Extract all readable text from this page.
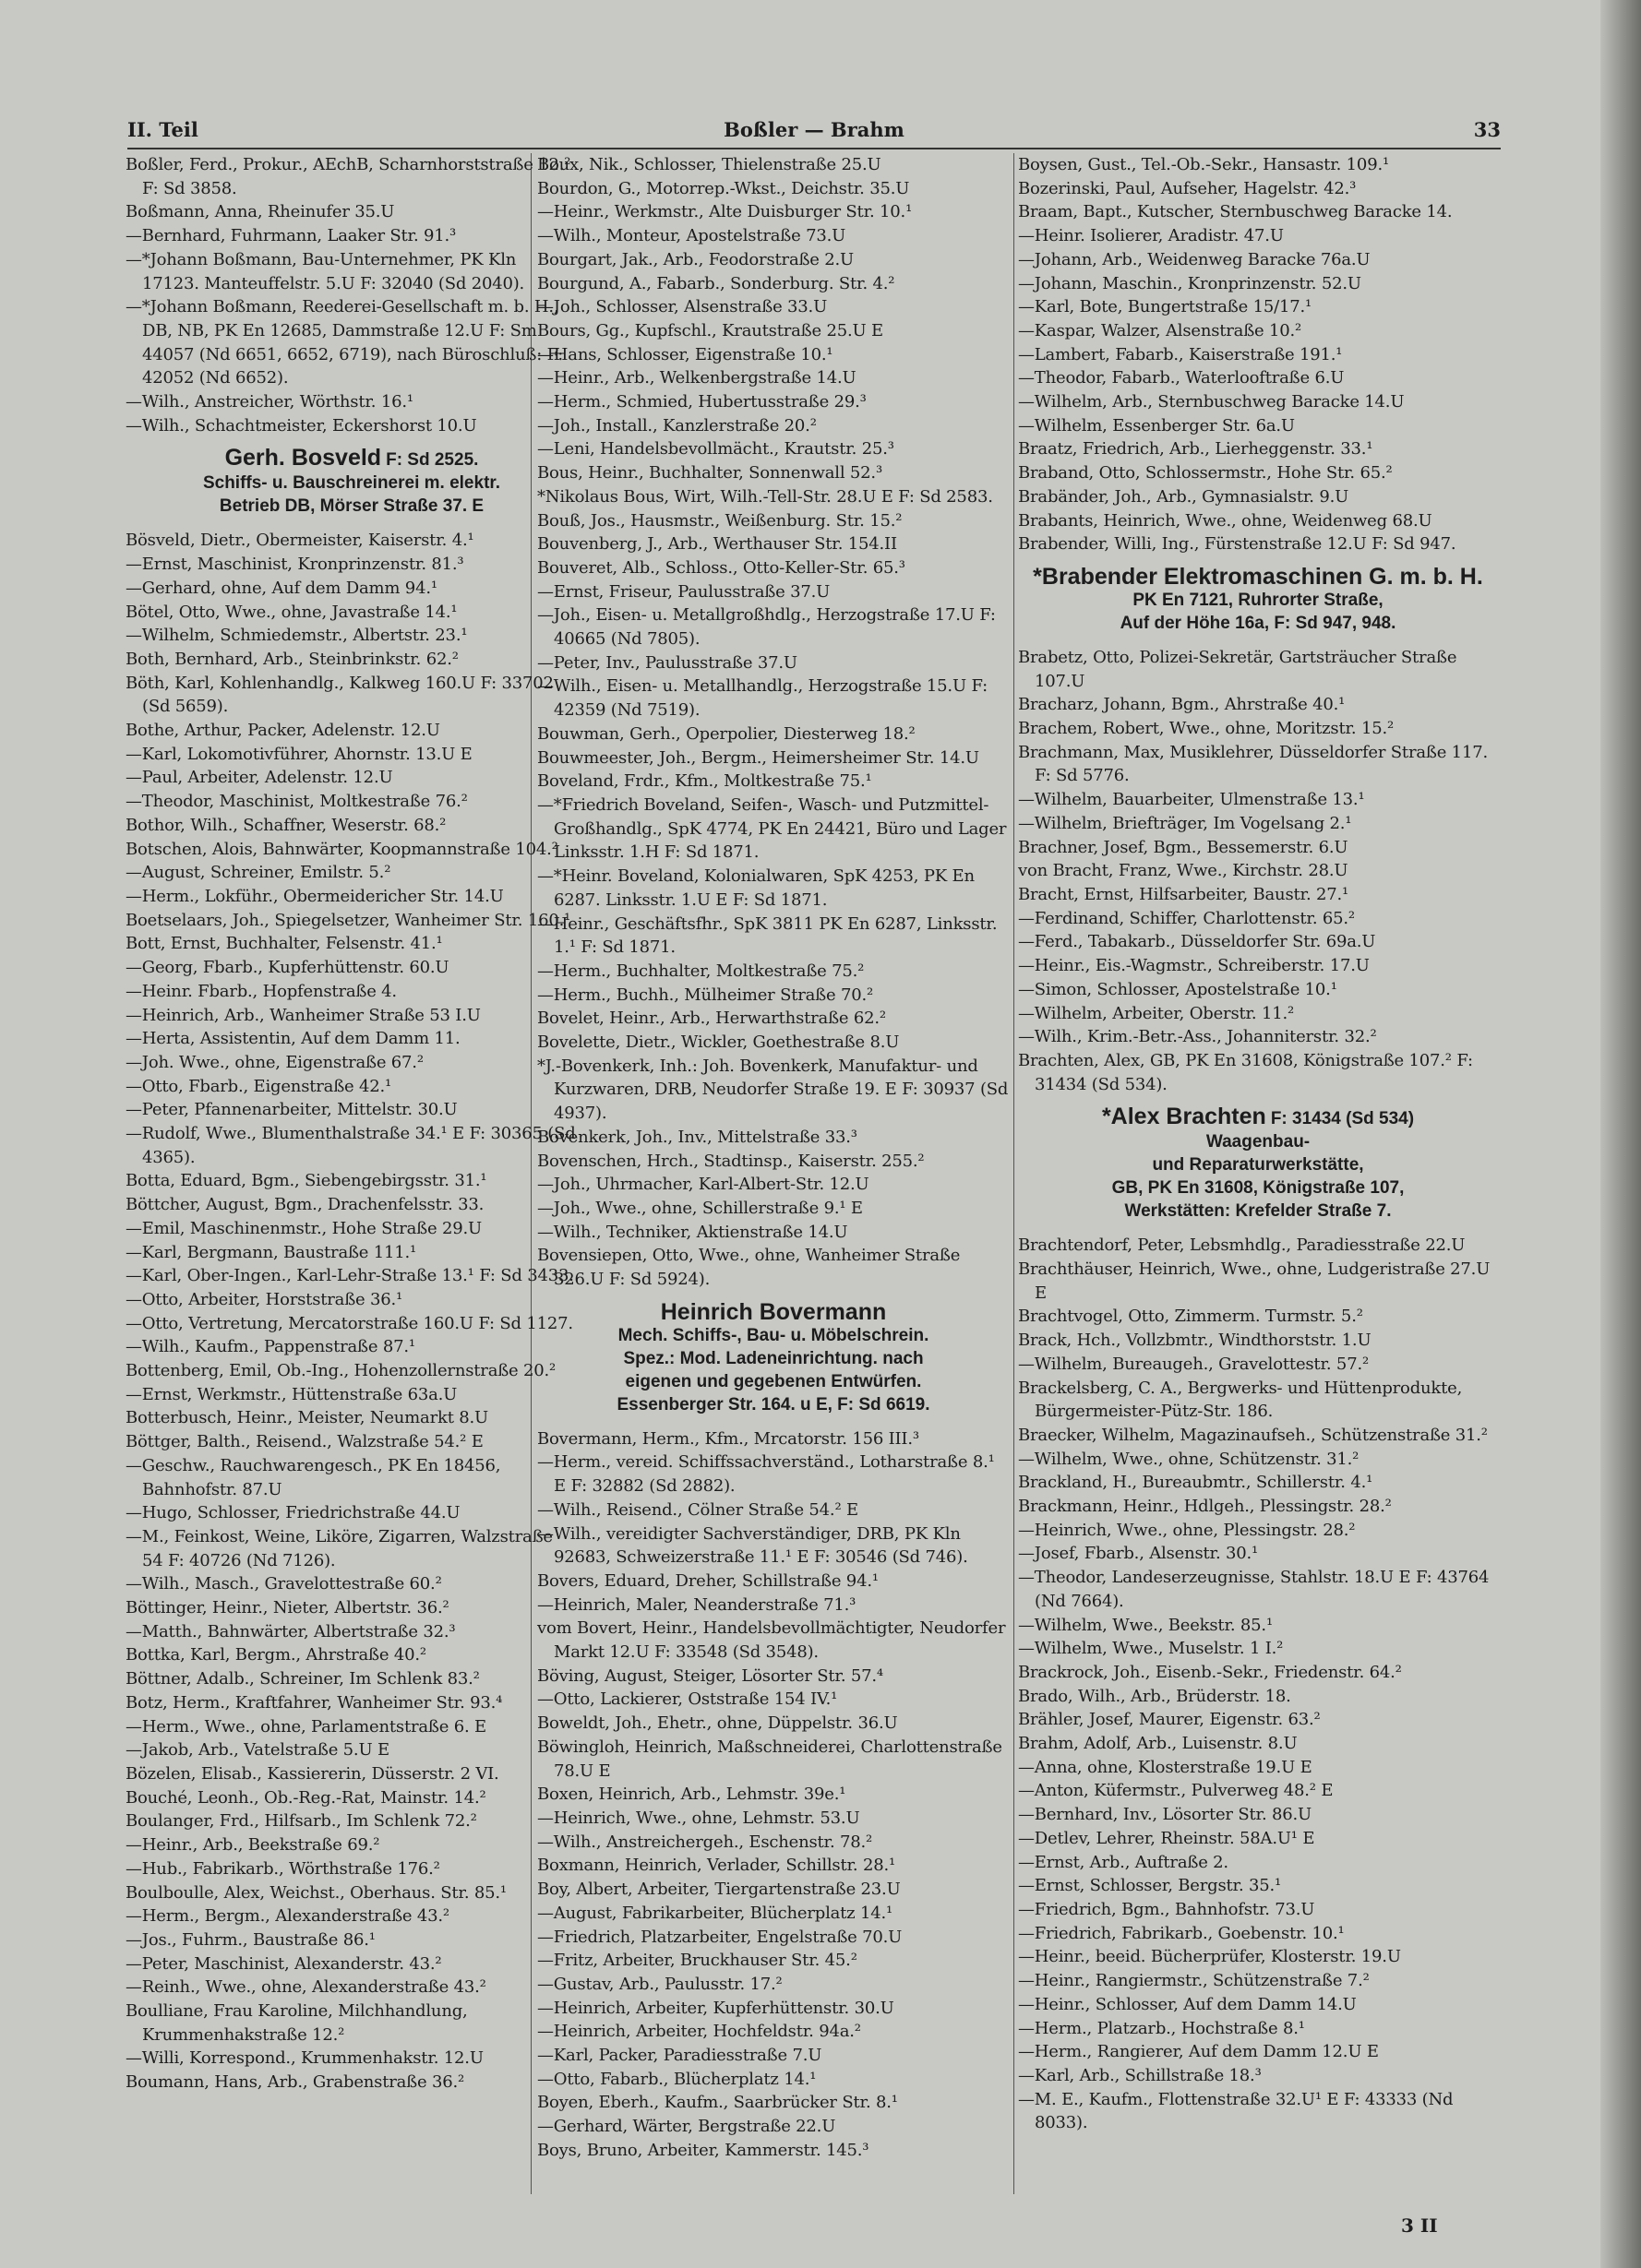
II. Teil	Boßler — Brahm	33

Boßler, Ferd., Prokur., AEchB, Scharnhorststraße 12.² F: Sd 3858.

Boßmann, Anna, Rheinufer 35.U

—Bernhard, Fuhrmann, Laaker Str. 91.³

—*Johann Boßmann, Bau-Unternehmer, PK Kln 17123. Manteuffelstr. 5.U F: 32040 (Sd 2040).

—*Johann Boßmann, Reederei-Gesellschaft m. b. H., DB, NB, PK En 12685, Dammstraße 12.U F: Sm 44057 (Nd 6651, 6652, 6719), nach Büroschluß: F: 42052 (Nd 6652).

—Wilh., Anstreicher, Wörthstr. 16.¹

—Wilh., Schachtmeister, Eckershorst 10.U

Gerh. Bosveld F: Sd 2525.
Schiffs- u. Bauschreinerei m. elektr.
Betrieb DB, Mörser Straße 37. E

Bösveld, Dietr., Obermeister, Kaiserstr. 4.¹

—Ernst, Maschinist, Kronprinzenstr. 81.³

—Gerhard, ohne, Auf dem Damm 94.¹

Bötel, Otto, Wwe., ohne, Javastraße 14.¹

—Wilhelm, Schmiedemstr., Albertstr. 23.¹

Both, Bernhard, Arb., Steinbrinkstr. 62.²

Böth, Karl, Kohlenhandlg., Kalkweg 160.U F: 33702 (Sd 5659).

Bothe, Arthur, Packer, Adelenstr. 12.U

—Karl, Lokomotivführer, Ahornstr. 13.U E

—Paul, Arbeiter, Adelenstr. 12.U

—Theodor, Maschinist, Moltkestraße 76.²

Bothor, Wilh., Schaffner, Weserstr. 68.²

Botschen, Alois, Bahnwärter, Koopmannstraße 104.²

—August, Schreiner, Emilstr. 5.²

—Herm., Lokführ., Obermeidericher Str. 14.U

Boetselaars, Joh., Spiegelsetzer, Wanheimer Str. 160.¹

Bott, Ernst, Buchhalter, Felsenstr. 41.¹

—Georg, Fbarb., Kupferhüttenstr. 60.U

—Heinr. Fbarb., Hopfenstraße 4.

—Heinrich, Arb., Wanheimer Straße 53 I.U

—Herta, Assistentin, Auf dem Damm 11.

—Joh. Wwe., ohne, Eigenstraße 67.²

—Otto, Fbarb., Eigenstraße 42.¹

—Peter, Pfannenarbeiter, Mittelstr. 30.U

—Rudolf, Wwe., Blumenthalstraße 34.¹ E F: 30365 (Sd 4365).

Botta, Eduard, Bgm., Siebengebirgsstr. 31.¹

Böttcher, August, Bgm., Drachenfelsstr. 33.

—Emil, Maschinenmstr., Hohe Straße 29.U

—Karl, Bergmann, Baustraße 111.¹

—Karl, Ober-Ingen., Karl-Lehr-Straße 13.¹ F: Sd 3433.

—Otto, Arbeiter, Horststraße 36.¹

—Otto, Vertretung, Mercatorstraße 160.U F: Sd 1127.

—Wilh., Kaufm., Pappenstraße 87.¹

Bottenberg, Emil, Ob.-Ing., Hohenzollernstraße 20.²

—Ernst, Werkmstr., Hüttenstraße 63a.U

Botterbusch, Heinr., Meister, Neumarkt 8.U

Böttger, Balth., Reisend., Walzstraße 54.² E

—Geschw., Rauchwarengesch., PK En 18456, Bahnhofstr. 87.U

—Hugo, Schlosser, Friedrichstraße 44.U

—M., Feinkost, Weine, Liköre, Zigarren, Walzstraße 54 F: 40726 (Nd 7126).

—Wilh., Masch., Gravelottestraße 60.²

Böttinger, Heinr., Nieter, Albertstr. 36.²

—Matth., Bahnwärter, Albertstraße 32.³

Bottka, Karl, Bergm., Ahrstraße 40.²

Böttner, Adalb., Schreiner, Im Schlenk 83.²

Botz, Herm., Kraftfahrer, Wanheimer Str. 93.⁴

—Herm., Wwe., ohne, Parlamentstraße 6. E

—Jakob, Arb., Vatelstraße 5.U E

Bözelen, Elisab., Kassiererin, Düsserstr. 2 VI.

Bouché, Leonh., Ob.-Reg.-Rat, Mainstr. 14.²

Boulanger, Frd., Hilfsarb., Im Schlenk 72.²

—Heinr., Arb., Beekstraße 69.²

—Hub., Fabrikarb., Wörthstraße 176.²

Boulboulle, Alex, Weichst., Oberhaus. Str. 85.¹

—Herm., Bergm., Alexanderstraße 43.²

—Jos., Fuhrm., Baustraße 86.¹

—Peter, Maschinist, Alexanderstr. 43.²

—Reinh., Wwe., ohne, Alexanderstraße 43.²

Boulliane, Frau Karoline, Milchhandlung, Krummenhakstraße 12.²

—Willi, Korrespond., Krummenhakstr. 12.U

Boumann, Hans, Arb., Grabenstraße 36.²

Boux, Nik., Schlosser, Thielenstraße 25.U

Bourdon, G., Motorrep.-Wkst., Deichstr. 35.U

—Heinr., Werkmstr., Alte Duisburger Str. 10.¹

—Wilh., Monteur, Apostelstraße 73.U

Bourgart, Jak., Arb., Feodorstraße 2.U

Bourgund, A., Fabarb., Sonderburg. Str. 4.²

—Joh., Schlosser, Alsenstraße 33.U

Bours, Gg., Kupfschl., Krautstraße 25.U E

—Hans, Schlosser, Eigenstraße 10.¹

—Heinr., Arb., Welkenbergstraße 14.U

—Herm., Schmied, Hubertusstraße 29.³

—Joh., Install., Kanzlerstraße 20.²

—Leni, Handelsbevollmächt., Krautstr. 25.³

Bous, Heinr., Buchhalter, Sonnenwall 52.³

*Nikolaus Bous, Wirt, Wilh.-Tell-Str. 28.U E F: Sd 2583.

Bouß, Jos., Hausmstr., Weißenburg. Str. 15.²

Bouvenberg, J., Arb., Werthauser Str. 154.II

Bouveret, Alb., Schloss., Otto-Keller-Str. 65.³

—Ernst, Friseur, Paulusstraße 37.U

—Joh., Eisen- u. Metallgroßhdlg., Herzogstraße 17.U F: 40665 (Nd 7805).

—Peter, Inv., Paulusstraße 37.U

—Wilh., Eisen- u. Metallhandlg., Herzogstraße 15.U F: 42359 (Nd 7519).

Bouwman, Gerh., Operpolier, Diesterweg 18.²

Bouwmeester, Joh., Bergm., Heimersheimer Str. 14.U

Boveland, Frdr., Kfm., Moltkestraße 75.¹

—*Friedrich Boveland, Seifen-, Wasch- und Putzmittel-Großhandlg., SpK 4774, PK En 24421, Büro und Lager Linksstr. 1.H F: Sd 1871.

—*Heinr. Boveland, Kolonialwaren, SpK 4253, PK En 6287. Linksstr. 1.U E F: Sd 1871.

—Heinr., Geschäftsfhr., SpK 3811 PK En 6287, Linksstr. 1.¹ F: Sd 1871.

—Herm., Buchhalter, Moltkestraße 75.²

—Herm., Buchh., Mülheimer Straße 70.²

Bovelet, Heinr., Arb., Herwarthstraße 62.²

Bovelette, Dietr., Wickler, Goethestraße 8.U

*J.-Bovenkerk, Inh.: Joh. Bovenkerk, Manufaktur- und Kurzwaren, DRB, Neudorfer Straße 19. E F: 30937 (Sd 4937).

Bovenkerk, Joh., Inv., Mittelstraße 33.³

Bovenschen, Hrch., Stadtinsp., Kaiserstr. 255.²

—Joh., Uhrmacher, Karl-Albert-Str. 12.U

—Joh., Wwe., ohne, Schillerstraße 9.¹ E

—Wilh., Techniker, Aktienstraße 14.U

Bovensiepen, Otto, Wwe., ohne, Wanheimer Straße 326.U F: Sd 5924).

Heinrich Bovermann
Mech. Schiffs-, Bau- u. Möbelschrein.
Spez.: Mod. Ladeneinrichtung. nach
eigenen und gegebenen Entwürfen.
Essenberger Str. 164. u E, F: Sd 6619.

Bovermann, Herm., Kfm., Mrcatorstr. 156 III.³

—Herm., vereid. Schiffssachverständ., Lotharstraße 8.¹ E F: 32882 (Sd 2882).

—Wilh., Reisend., Cölner Straße 54.² E

—Wilh., vereidigter Sachverständiger, DRB, PK Kln 92683, Schweizerstraße 11.¹ E F: 30546 (Sd 746).

Bovers, Eduard, Dreher, Schillstraße 94.¹

—Heinrich, Maler, Neanderstraße 71.³

vom Bovert, Heinr., Handelsbevollmächtigter, Neudorfer Markt 12.U F: 33548 (Sd 3548).

Böving, August, Steiger, Lösorter Str. 57.⁴

—Otto, Lackierer, Oststraße 154 IV.¹

Boweldt, Joh., Ehetr., ohne, Düppelstr. 36.U

Böwingloh, Heinrich, Maßschneiderei, Charlottenstraße 78.U E

Boxen, Heinrich, Arb., Lehmstr. 39e.¹

—Heinrich, Wwe., ohne, Lehmstr. 53.U

—Wilh., Anstreichergeh., Eschenstr. 78.²

Boxmann, Heinrich, Verlader, Schillstr. 28.¹

Boy, Albert, Arbeiter, Tiergartenstraße 23.U

—August, Fabrikarbeiter, Blücherplatz 14.¹

—Friedrich, Platzarbeiter, Engelstraße 70.U

—Fritz, Arbeiter, Bruckhauser Str. 45.²

—Gustav, Arb., Paulusstr. 17.²

—Heinrich, Arbeiter, Kupferhüttenstr. 30.U

—Heinrich, Arbeiter, Hochfeldstr. 94a.²

—Karl, Packer, Paradiesstraße 7.U

—Otto, Fabarb., Blücherplatz 14.¹

Boyen, Eberh., Kaufm., Saarbrücker Str. 8.¹

—Gerhard, Wärter, Bergstraße 22.U

Boys, Bruno, Arbeiter, Kammerstr. 145.³

Boysen, Gust., Tel.-Ob.-Sekr., Hansastr. 109.¹

Bozerinski, Paul, Aufseher, Hagelstr. 42.³

Braam, Bapt., Kutscher, Sternbuschweg Baracke 14.

—Heinr. Isolierer, Aradistr. 47.U

—Johann, Arb., Weidenweg Baracke 76a.U

—Johann, Maschin., Kronprinzenstr. 52.U

—Karl, Bote, Bungertstraße 15/17.¹

—Kaspar, Walzer, Alsenstraße 10.²

—Lambert, Fabarb., Kaiserstraße 191.¹

—Theodor, Fabarb., Waterlooftraße 6.U

—Wilhelm, Arb., Sternbuschweg Baracke 14.U

—Wilhelm, Essenberger Str. 6a.U

Braatz, Friedrich, Arb., Lierheggenstr. 33.¹

Braband, Otto, Schlossermstr., Hohe Str. 65.²

Brabänder, Joh., Arb., Gymnasialstr. 9.U

Brabants, Heinrich, Wwe., ohne, Weidenweg 68.U

Brabender, Willi, Ing., Fürstenstraße 12.U F: Sd 947.

*Brabender Elektromaschinen G. m. b. H.
PK En 7121, Ruhrorter Straße,
Auf der Höhe 16a, F: Sd 947, 948.

Brabetz, Otto, Polizei-Sekretär, Gartsträucher Straße 107.U

Bracharz, Johann, Bgm., Ahrstraße 40.¹

Brachem, Robert, Wwe., ohne, Moritzstr. 15.²

Brachmann, Max, Musiklehrer, Düsseldorfer Straße 117. F: Sd 5776.

—Wilhelm, Bauarbeiter, Ulmenstraße 13.¹

—Wilhelm, Briefträger, Im Vogelsang 2.¹

Brachner, Josef, Bgm., Bessemerstr. 6.U

von Bracht, Franz, Wwe., Kirchstr. 28.U

Bracht, Ernst, Hilfsarbeiter, Baustr. 27.¹

—Ferdinand, Schiffer, Charlottenstr. 65.²

—Ferd., Tabakarb., Düsseldorfer Str. 69a.U

—Heinr., Eis.-Wagmstr., Schreiberstr. 17.U

—Simon, Schlosser, Apostelstraße 10.¹

—Wilhelm, Arbeiter, Oberstr. 11.²

—Wilh., Krim.-Betr.-Ass., Johanniterstr. 32.²

Brachten, Alex, GB, PK En 31608, Königstraße 107.² F: 31434 (Sd 534).

*Alex Brachten F: 31434 (Sd 534)
Waagenbau-
und Reparaturwerkstätte,
GB, PK En 31608, Königstraße 107,
Werkstätten: Krefelder Straße 7.

Brachtendorf, Peter, Lebsmhdlg., Paradiesstraße 22.U

Brachthäuser, Heinrich, Wwe., ohne, Ludgeristraße 27.U E

Brachtvogel, Otto, Zimmerm. Turmstr. 5.²

Brack, Hch., Vollzbmtr., Windthorststr. 1.U

—Wilhelm, Bureaugeh., Gravelottestr. 57.²

Brackelsberg, C. A., Bergwerks- und Hüttenprodukte, Bürgermeister-Pütz-Str. 186.

Braecker, Wilhelm, Magazinaufseh., Schützenstraße 31.²

—Wilhelm, Wwe., ohne, Schützenstr. 31.²

Brackland, H., Bureaubmtr., Schillerstr. 4.¹

Brackmann, Heinr., Hdlgeh., Plessingstr. 28.²

—Heinrich, Wwe., ohne, Plessingstr. 28.²

—Josef, Fbarb., Alsenstr. 30.¹

—Theodor, Landeserzeugnisse, Stahlstr. 18.U E F: 43764 (Nd 7664).

—Wilhelm, Wwe., Beekstr. 85.¹

—Wilhelm, Wwe., Muselstr. 1 I.²

Brackrock, Joh., Eisenb.-Sekr., Friedenstr. 64.²

Brado, Wilh., Arb., Brüderstr. 18.

Brähler, Josef, Maurer, Eigenstr. 63.²

Brahm, Adolf, Arb., Luisenstr. 8.U

—Anna, ohne, Klosterstraße 19.U E

—Anton, Küfermstr., Pulverweg 48.² E

—Bernhard, Inv., Lösorter Str. 86.U

—Detlev, Lehrer, Rheinstr. 58A.U¹ E

—Ernst, Arb., Auftraße 2.

—Ernst, Schlosser, Bergstr. 35.¹

—Friedrich, Bgm., Bahnhofstr. 73.U

—Friedrich, Fabrikarb., Goebenstr. 10.¹

—Heinr., beeid. Bücherprüfer, Klosterstr. 19.U

—Heinr., Rangiermstr., Schützenstraße 7.²

—Heinr., Schlosser, Auf dem Damm 14.U

—Herm., Platzarb., Hochstraße 8.¹

—Herm., Rangierer, Auf dem Damm 12.U E

—Karl, Arb., Schillstraße 18.³

—M. E., Kaufm., Flottenstraße 32.U¹ E F: 43333 (Nd 8033).

3 II
